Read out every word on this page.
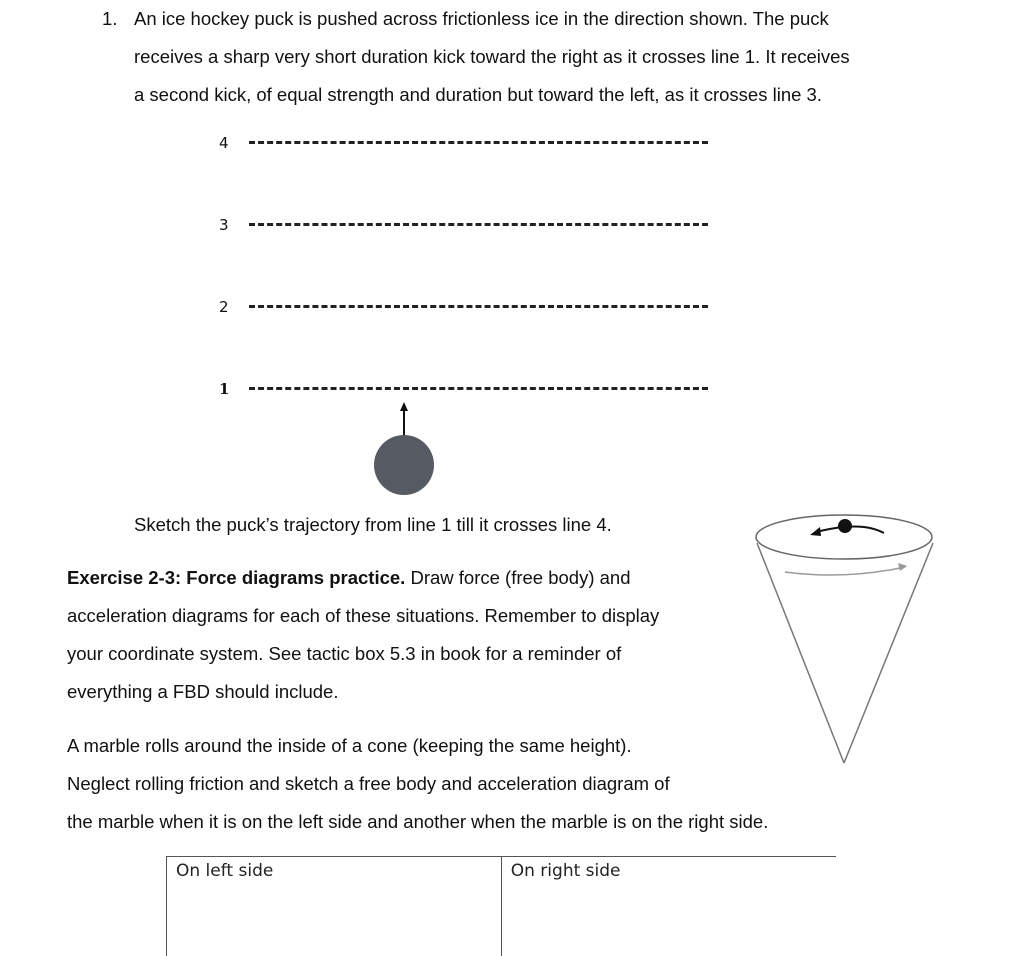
1. An ice hockey puck is pushed across frictionless ice in the direction shown. The puck
receives a sharp very short duration kick toward the right as it crosses line 1. It receives
a second kick, of equal strength and duration but toward the left, as it crosses line 3.
4
3
2
1
Sketch the puck’s trajectory from line 1 till it crosses line 4.
Exercise 2-3: Force diagrams practice. Draw force (free body) and
acceleration diagrams for each of these situations. Remember to display
your coordinate system. See tactic box 5.3 in book for a reminder of
everything a FBD should include.
A marble rolls around the inside of a cone (keeping the same height).
Neglect rolling friction and sketch a free body and acceleration diagram of
the marble when it is on the left side and another when the marble is on the right side.
On left side	On right side
